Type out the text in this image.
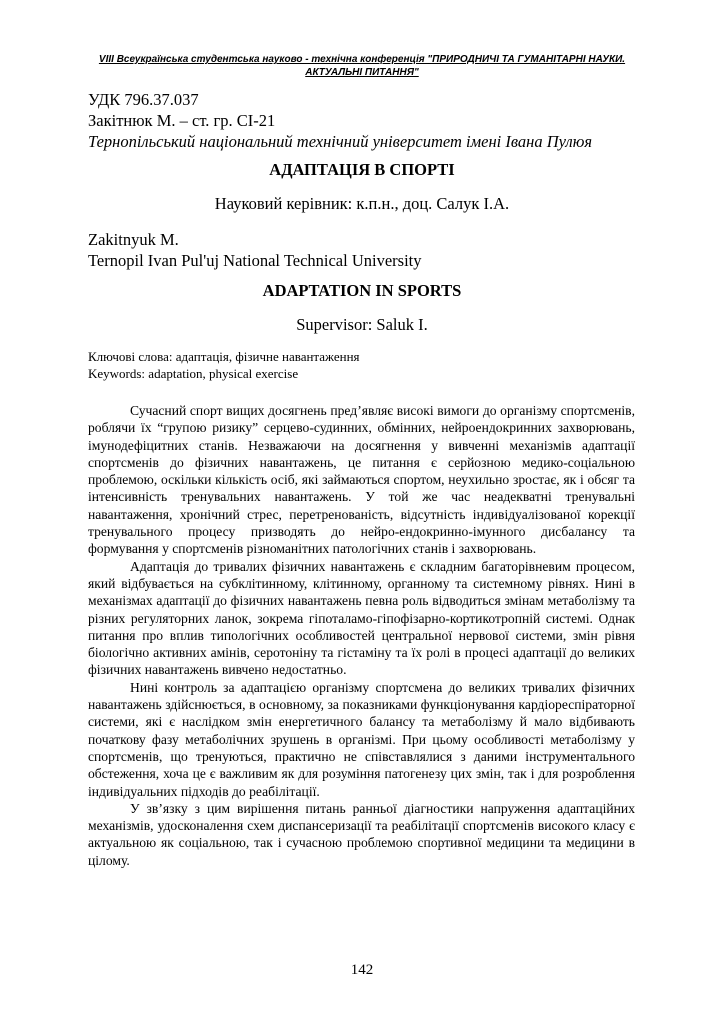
VIII Всеукраїнська студентська науково - технічна конференція "ПРИРОДНИЧІ ТА ГУМАНІТАРНІ НАУКИ.
АКТУАЛЬНІ ПИТАННЯ"
УДК 796.37.037
Закітнюк М. – ст. гр. СІ-21
Тернопільський національний технічний університет імені Івана Пулюя
АДАПТАЦІЯ В СПОРТІ
Науковий керівник: к.п.н., доц. Салук І.А.
Zakitnyuk M.
Ternopil Ivan Pul'uj National Technical University
ADAPTATION IN SPORTS
Supervisor: Saluk I.
Ключові слова: адаптація, фізичне навантаження
Keywords: adaptation, physical exercise

Сучасний спорт вищих досягнень пред’являє високі вимоги до організму спортсменів, роблячи їх “групою ризику” серцево-судинних, обмінних, нейроендокринних захворювань, імунодефіцитних станів. Незважаючи на досягнення у вивченні механізмів адаптації спортсменів до фізичних навантажень, це питання є серйозною медико-соціальною проблемою, оскільки кількість осіб, які займаються спортом, неухильно зростає, як і обсяг та інтенсивність тренувальних навантажень. У той же час неадекватні тренувальні навантаження, хронічний стрес, перетренованість, відсутність індивідуалізованої корекції тренувального процесу призводять до нейро-ендокринно-імунного дисбалансу та формування у спортсменів різноманітних патологічних станів і захворювань.

Адаптація до тривалих фізичних навантажень є складним багаторівневим процесом, який відбувається на субклітинному, клітинному, органному та системному рівнях. Нині в механізмах адаптації до фізичних навантажень певна роль відводиться змінам метаболізму та різних регуляторних ланок, зокрема гіпоталамо-гіпофізарно-кортикотропній системі. Однак питання про вплив типологічних особливостей центральної нервової системи, змін рівня біологічно активних амінів, серотоніну та гістаміну та їх ролі в процесі адаптації до великих фізичних навантажень вивчено недостатньо.

Нині контроль за адаптацією організму спортсмена до великих тривалих фізичних навантажень здійснюється, в основному, за показниками функціонування кардіореспіраторної системи, які є наслідком змін енергетичного балансу та метаболізму й мало відбивають початкову фазу метаболічних зрушень в організмі. При цьому особливості метаболізму у спортсменів, що тренуються, практично не співставлялися з даними інструментального обстеження, хоча це є важливим як для розуміння патогенезу цих змін, так і для розроблення індивідуальних підходів до реабілітації.

У зв’язку з цим вирішення питань ранньої діагностики напруження адаптаційних механізмів, удосконалення схем диспансеризації та реабілітації спортсменів високого класу є актуальною як соціальною, так і сучасною проблемою спортивної медицини та медицини в цілому.

142
